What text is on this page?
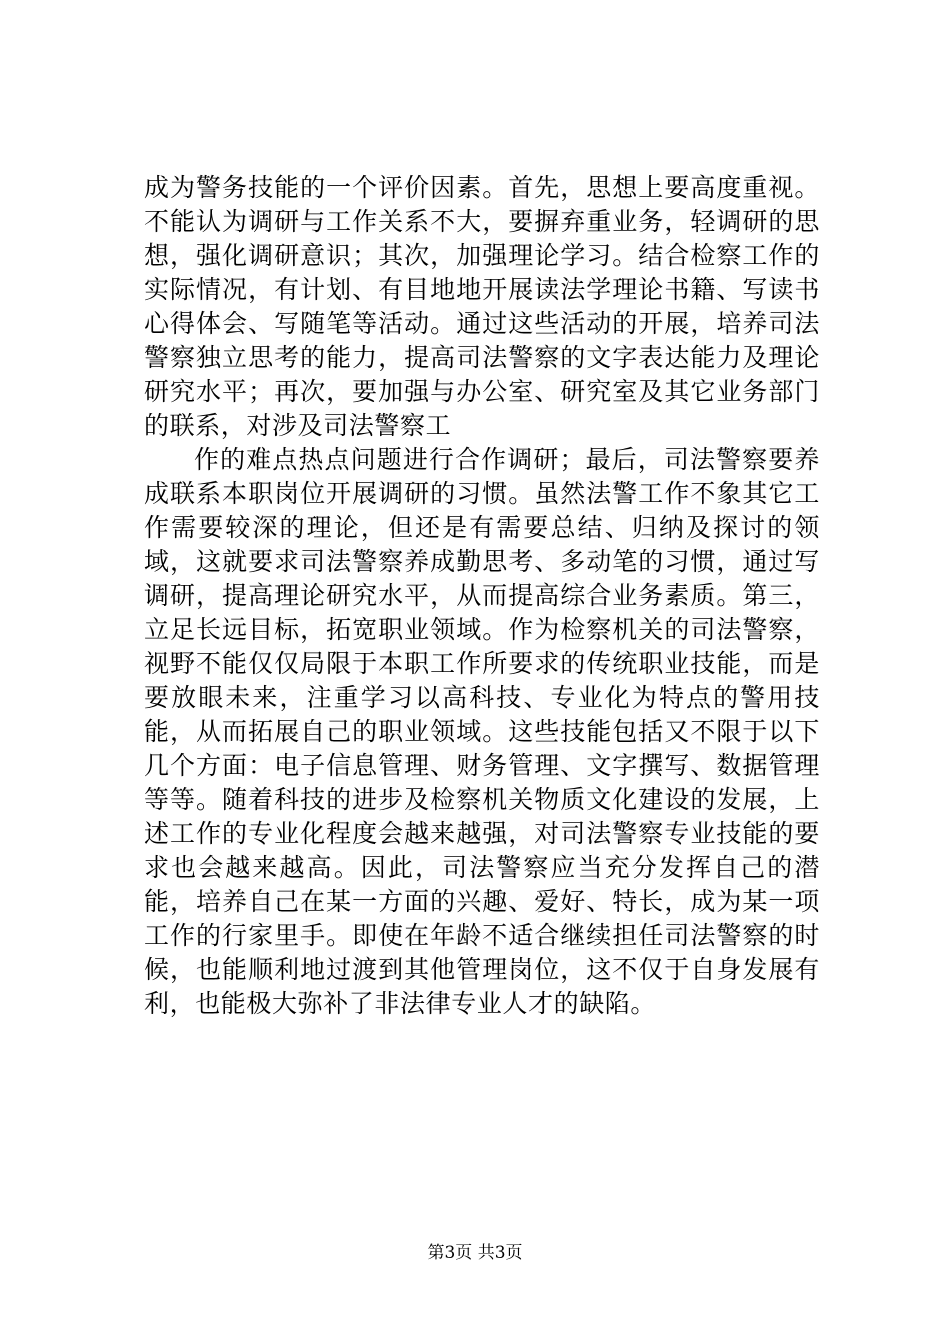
成为警务技能的一个评价因素。首先，思想上要高度重视。不能认为调研与工作关系不大，要摒弃重业务，轻调研的思想，强化调研意识；其次，加强理论学习。结合检察工作的实际情况，有计划、有目地地开展读法学理论书籍、写读书心得体会、写随笔等活动。通过这些活动的开展，培养司法警察独立思考的能力，提高司法警察的文字表达能力及理论研究水平；再次，要加强与办公室、研究室及其它业务部门的联系，对涉及司法警察工

作的难点热点问题进行合作调研；最后，司法警察要养成联系本职岗位开展调研的习惯。虽然法警工作不象其它工作需要较深的理论，但还是有需要总结、归纳及探讨的领域，这就要求司法警察养成勤思考、多动笔的习惯，通过写调研，提高理论研究水平，从而提高综合业务素质。第三，立足长远目标，拓宽职业领域。作为检察机关的司法警察，视野不能仅仅局限于本职工作所要求的传统职业技能，而是要放眼未来，注重学习以高科技、专业化为特点的警用技能，从而拓展自己的职业领域。这些技能包括又不限于以下几个方面：电子信息管理、财务管理、文字撰写、数据管理等等。随着科技的进步及检察机关物质文化建设的发展，上述工作的专业化程度会越来越强，对司法警察专业技能的要求也会越来越高。因此，司法警察应当充分发挥自己的潜能，培养自己在某一方面的兴趣、爱好、特长，成为某一项工作的行家里手。即使在年龄不适合继续担任司法警察的时候，也能顺利地过渡到其他管理岗位，这不仅于自身发展有利，也能极大弥补了非法律专业人才的缺陷。

第3页 共3页
